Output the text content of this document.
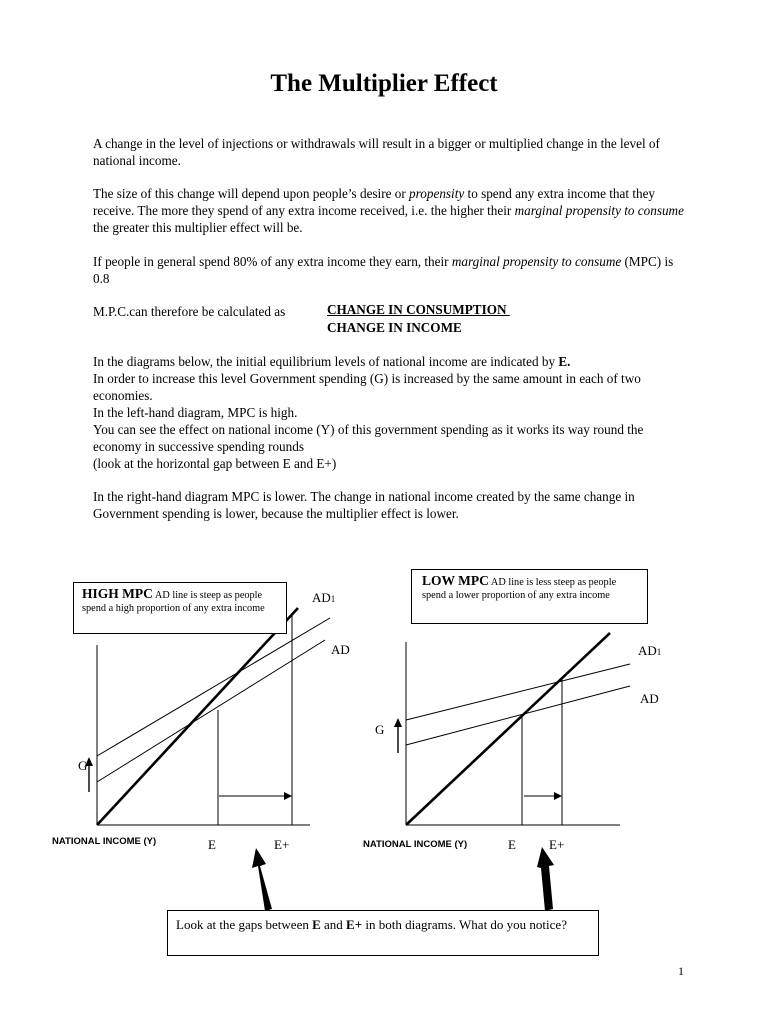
The Multiplier Effect

A change in the level of injections or withdrawals will result in a bigger or multiplied change in the level of national income.

The size of this change will depend upon people’s desire or propensity to spend any extra income that they receive. The more they spend of any extra income received, i.e. the higher their marginal propensity to consume the greater this multiplier effect will be.

If people in general spend 80% of any extra income they earn, their marginal propensity to consume (MPC) is 0.8

M.P.C.can therefore be calculated as	CHANGE IN CONSUMPTION
CHANGE IN INCOME

In the diagrams below, the initial equilibrium levels of national income are indicated by E.
In order to increase this level Government spending (G) is increased by the same amount in each of two economies.
In the left-hand diagram, MPC is high.
You can see the effect on national income (Y) of this government spending as it works its way round the economy in successive spending rounds
(look at the horizontal gap between E and E+)

In the right-hand diagram MPC is lower. The change in national income created by the same change in Government spending is lower, because the multiplier effect is lower.

HIGH MPC AD line is steep as people spend a high proportion of any extra income
AD1
AD
G
NATIONAL INCOME (Y)	E	E+
LOW MPC AD line is less steep as people spend a lower proportion of any extra income
AD1
AD
G
NATIONAL INCOME (Y)	E	E+
Look at the gaps between E and E+ in both diagrams. What do you notice?
1
